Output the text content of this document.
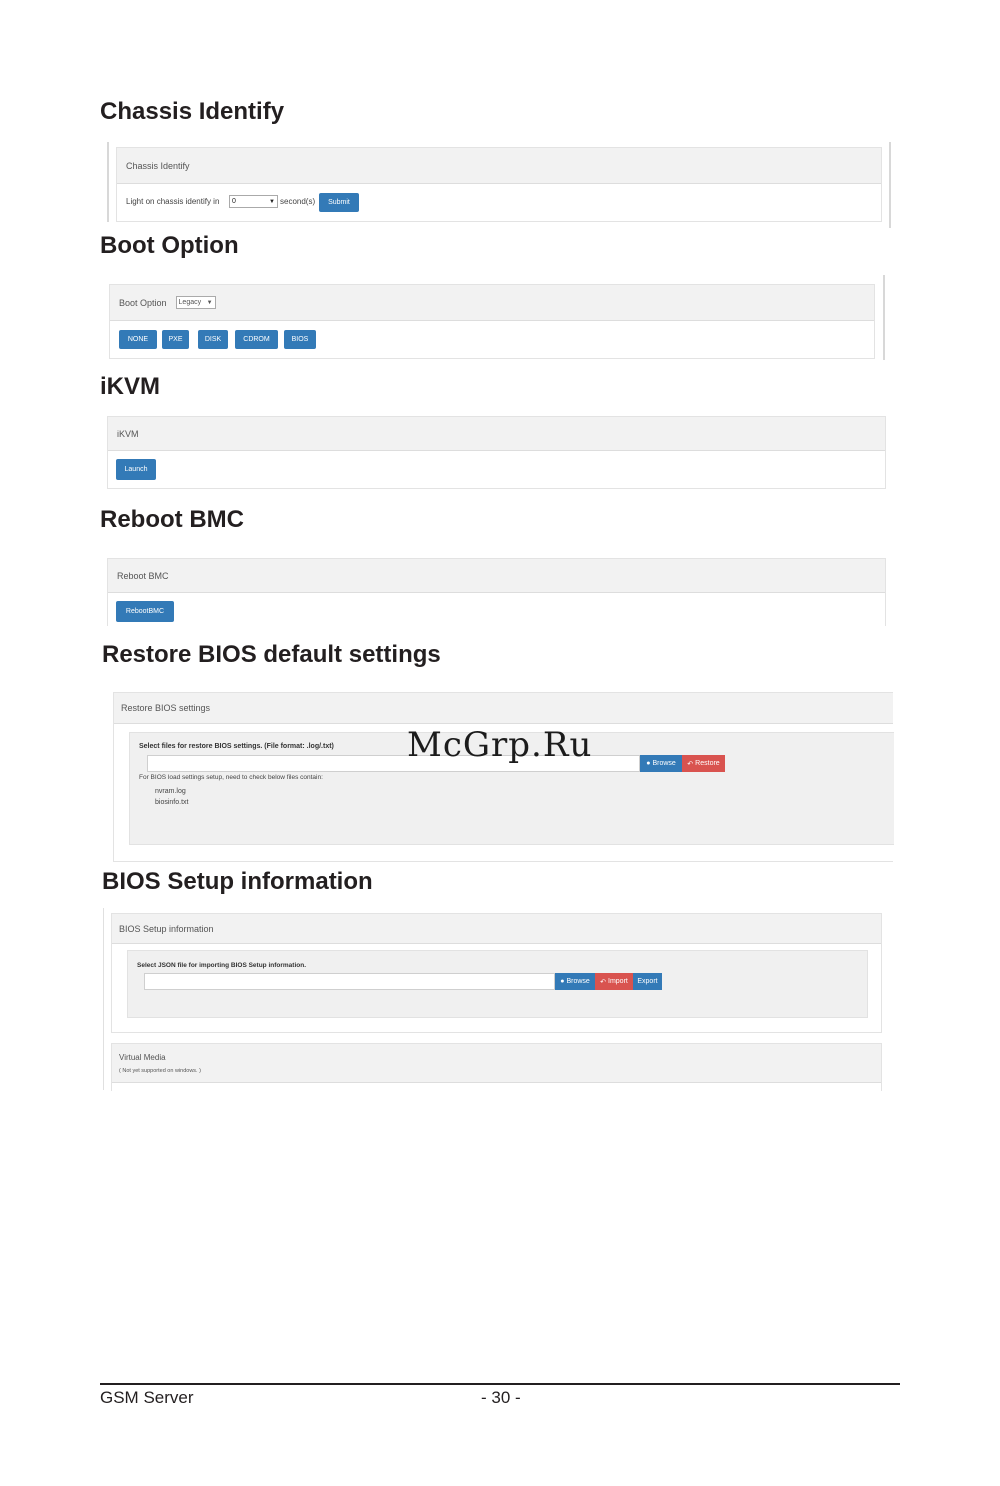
Chassis Identify
Chassis Identify
Light on chassis identify in 0	▼ second(s)	Submit
Boot Option
Boot Option Legacy ▼
NONE	PXE	DISK	CDROM	BIOS
iKVM
iKVM
Launch
Reboot BMC
Reboot BMC
RebootBMC
Restore BIOS default settings
Restore BIOS settings
Select files for restore BIOS settings. (File format: .log/.txt)
● Browse ↶ Restore
For BIOS load settings setup, need to check below files contain:
nvram.log
biosinfo.txt
McGrp.Ru
BIOS Setup information
BIOS Setup information
Select JSON file for importing BIOS Setup information.
● Browse ↶ Import	Export
Virtual Media
( Not yet supported on windows. )
GSM Server	- 30 -
